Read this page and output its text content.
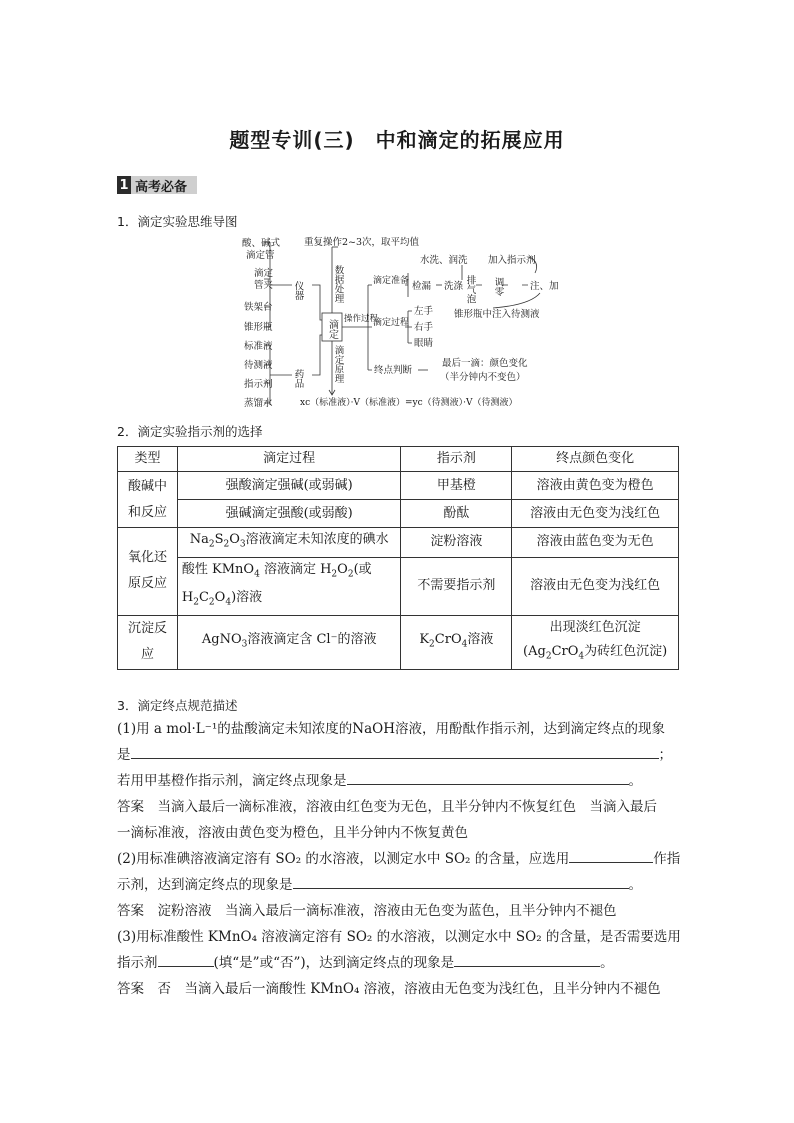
题型专训(三)　中和滴定的拓展应用
1 高考必备
1．滴定实验思维导图
酸、碱式
滴定管
滴定
管夹
铁架台
锥形瓶
标准液
待测液
指示剂
蒸馏水
仪器
药品
重复操作2~3次，取平均值
数据处理
滴定 操作过程
滴定原理
滴定准备
滴定过程
终点判断
水洗、润洗 加入指示剂
检漏 洗涤 排气泡 调零	注、加
锥形瓶中注入待测液
左手
右手
眼睛
最后一滴：颜色变化
（半分钟内不变色）
xc（标准液）·V（标准液）=yc（待测液）·V（待测液）
2．滴定实验指示剂的选择
类型	滴定过程	指示剂	终点颜色变化
酸碱中和反应	强酸滴定强碱(或弱碱)	甲基橙	溶液由黄色变为橙色
	强碱滴定强酸(或弱酸)	酚酞	溶液由无色变为浅红色
氧化还原反应	$Na_2S_2O_3$溶液滴定未知浓度的碘水	淀粉溶液	溶液由蓝色变为无色
	酸性 KMnO$_4$ 溶液滴定 $H_2O_2$(或
$H_2C_2O_4$)溶液	不需要指示剂	溶液由无色变为浅红色
沉淀反应	AgNO$_3$溶液滴定含 Cl⁻的溶液	$K_2CrO_4$溶液	出现淡红色沉淀
($Ag_2CrO_4$为砖红色沉淀)
3．滴定终点规范描述
(1)用 a mol·L⁻¹的盐酸滴定未知浓度的NaOH溶液，用酚酞作指示剂，达到滴定终点的现象
是	；
若用甲基橙作指示剂，滴定终点现象是	。
答案　 当滴入最后一滴标准液，溶液由红色变为无色，且半分钟内不恢复红色　当滴入最后
一滴标准液，溶液由黄色变为橙色，且半分钟内不恢复黄色
(2)用标准碘溶液滴定溶有 SO₂ 的水溶液，以测定水中 SO₂ 的含量，应选用	作指
示剂，达到滴定终点的现象是	。
答案　 淀粉溶液　当滴入最后一滴标准液，溶液由无色变为蓝色，且半分钟内不褪色
(3)用标准酸性 KMnO₄ 溶液滴定溶有 SO₂ 的水溶液，以测定水中 SO₂ 的含量，是否需要选用
指示剂	(填“是”或“否”)，达到滴定终点的现象是	。
答案　 否　当滴入最后一滴酸性 KMnO₄ 溶液，溶液由无色变为浅红色，且半分钟内不褪色
